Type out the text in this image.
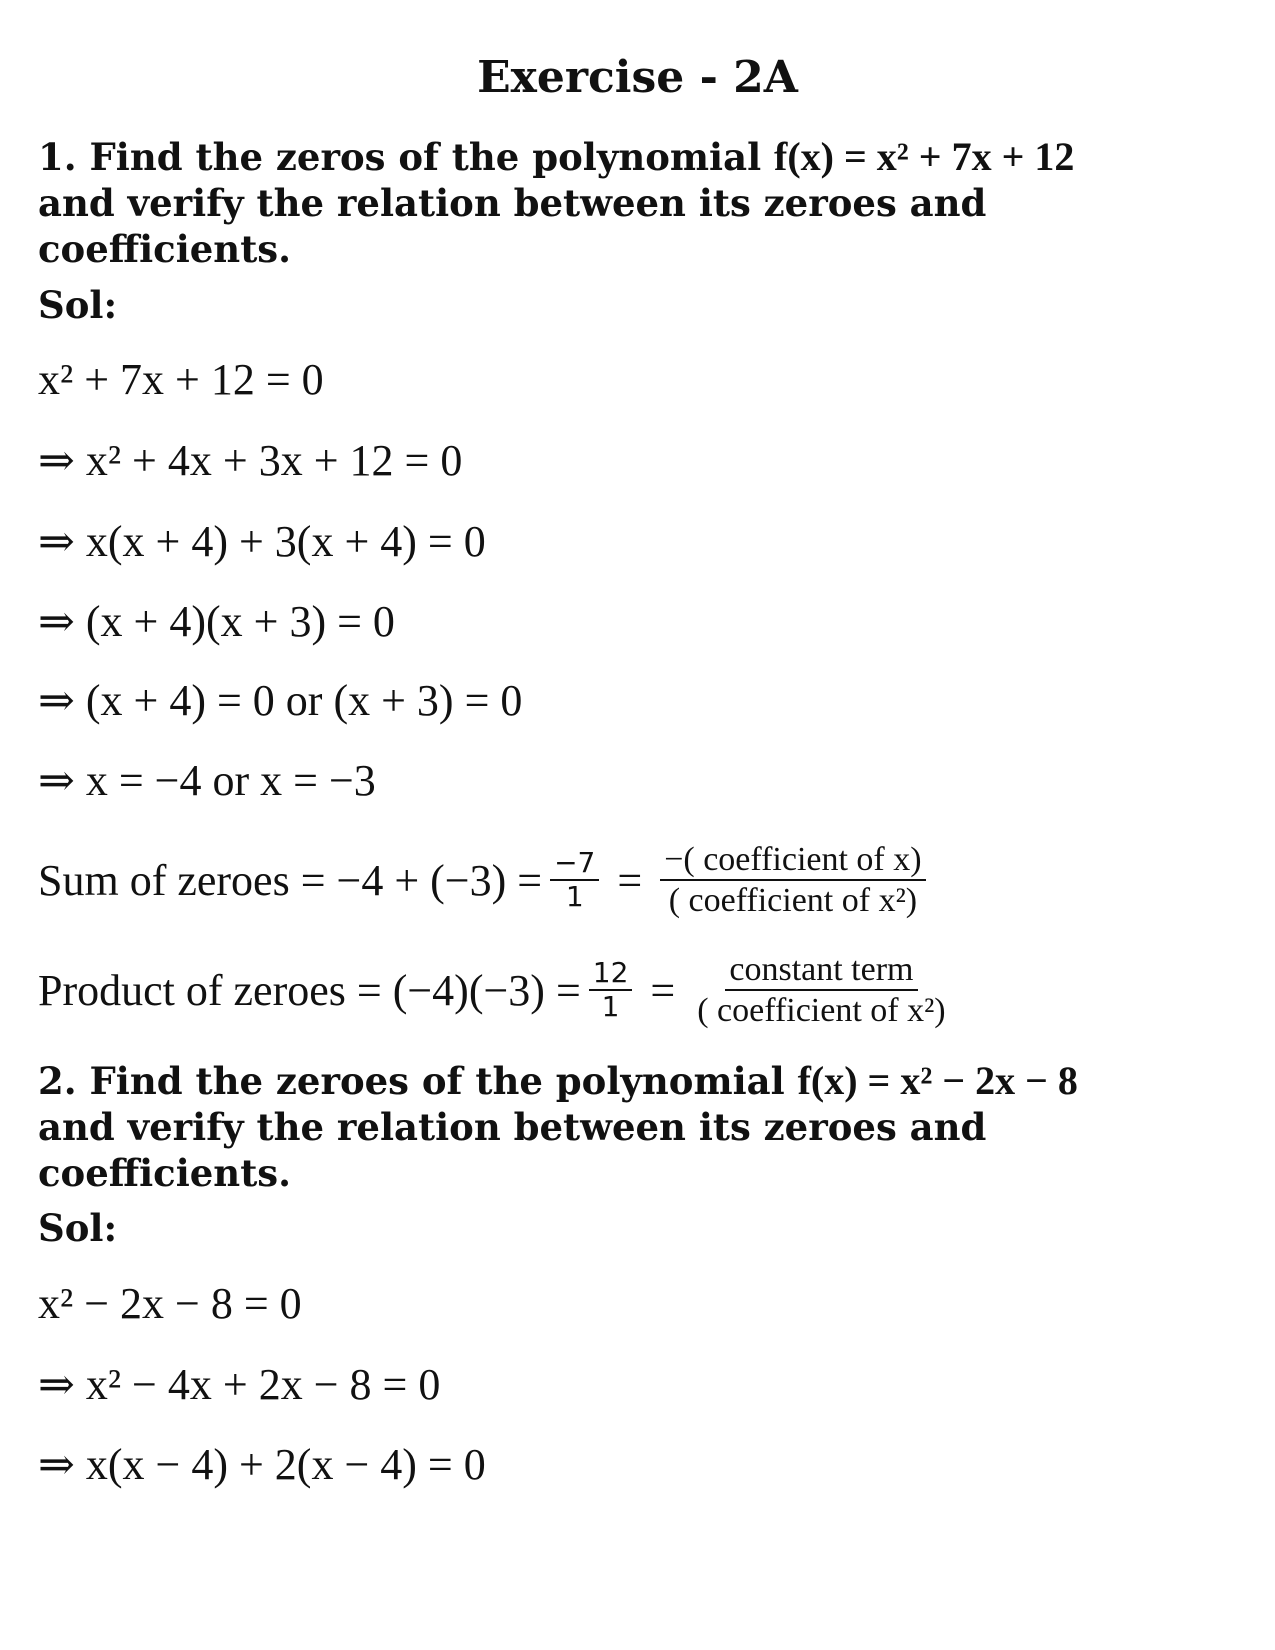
Exercise - 2A
1. Find the zeros of the polynomial f(x) = x² + 7x + 12
and verify the relation between its zeroes and coefficients.
Sol:
x² + 7x + 12 = 0
⇒ x² + 4x + 3x + 12 = 0
⇒ x(x + 4) + 3(x + 4) = 0
⇒ (x + 4)(x + 3) = 0
⇒ (x + 4) = 0 or (x + 3) = 0
⇒ x = −4 or x = −3
Sum of zeroes = $-4 + (-3) = \frac{-7}{1} = \frac{\text{−( coefficient of x)}}{\text{( coefficient of x²)}}$
Product of zeroes = $(-4)(-3) = \frac{12}{1} = \frac{\text{constant term}}{\text{( coefficient of x²)}}$
2. Find the zeroes of the polynomial f(x) = x² − 2x − 8
and verify the relation between its zeroes and coefficients.
Sol:
x² − 2x − 8 = 0
⇒ x² − 4x + 2x − 8 = 0
⇒ x(x − 4) + 2(x − 4) = 0
